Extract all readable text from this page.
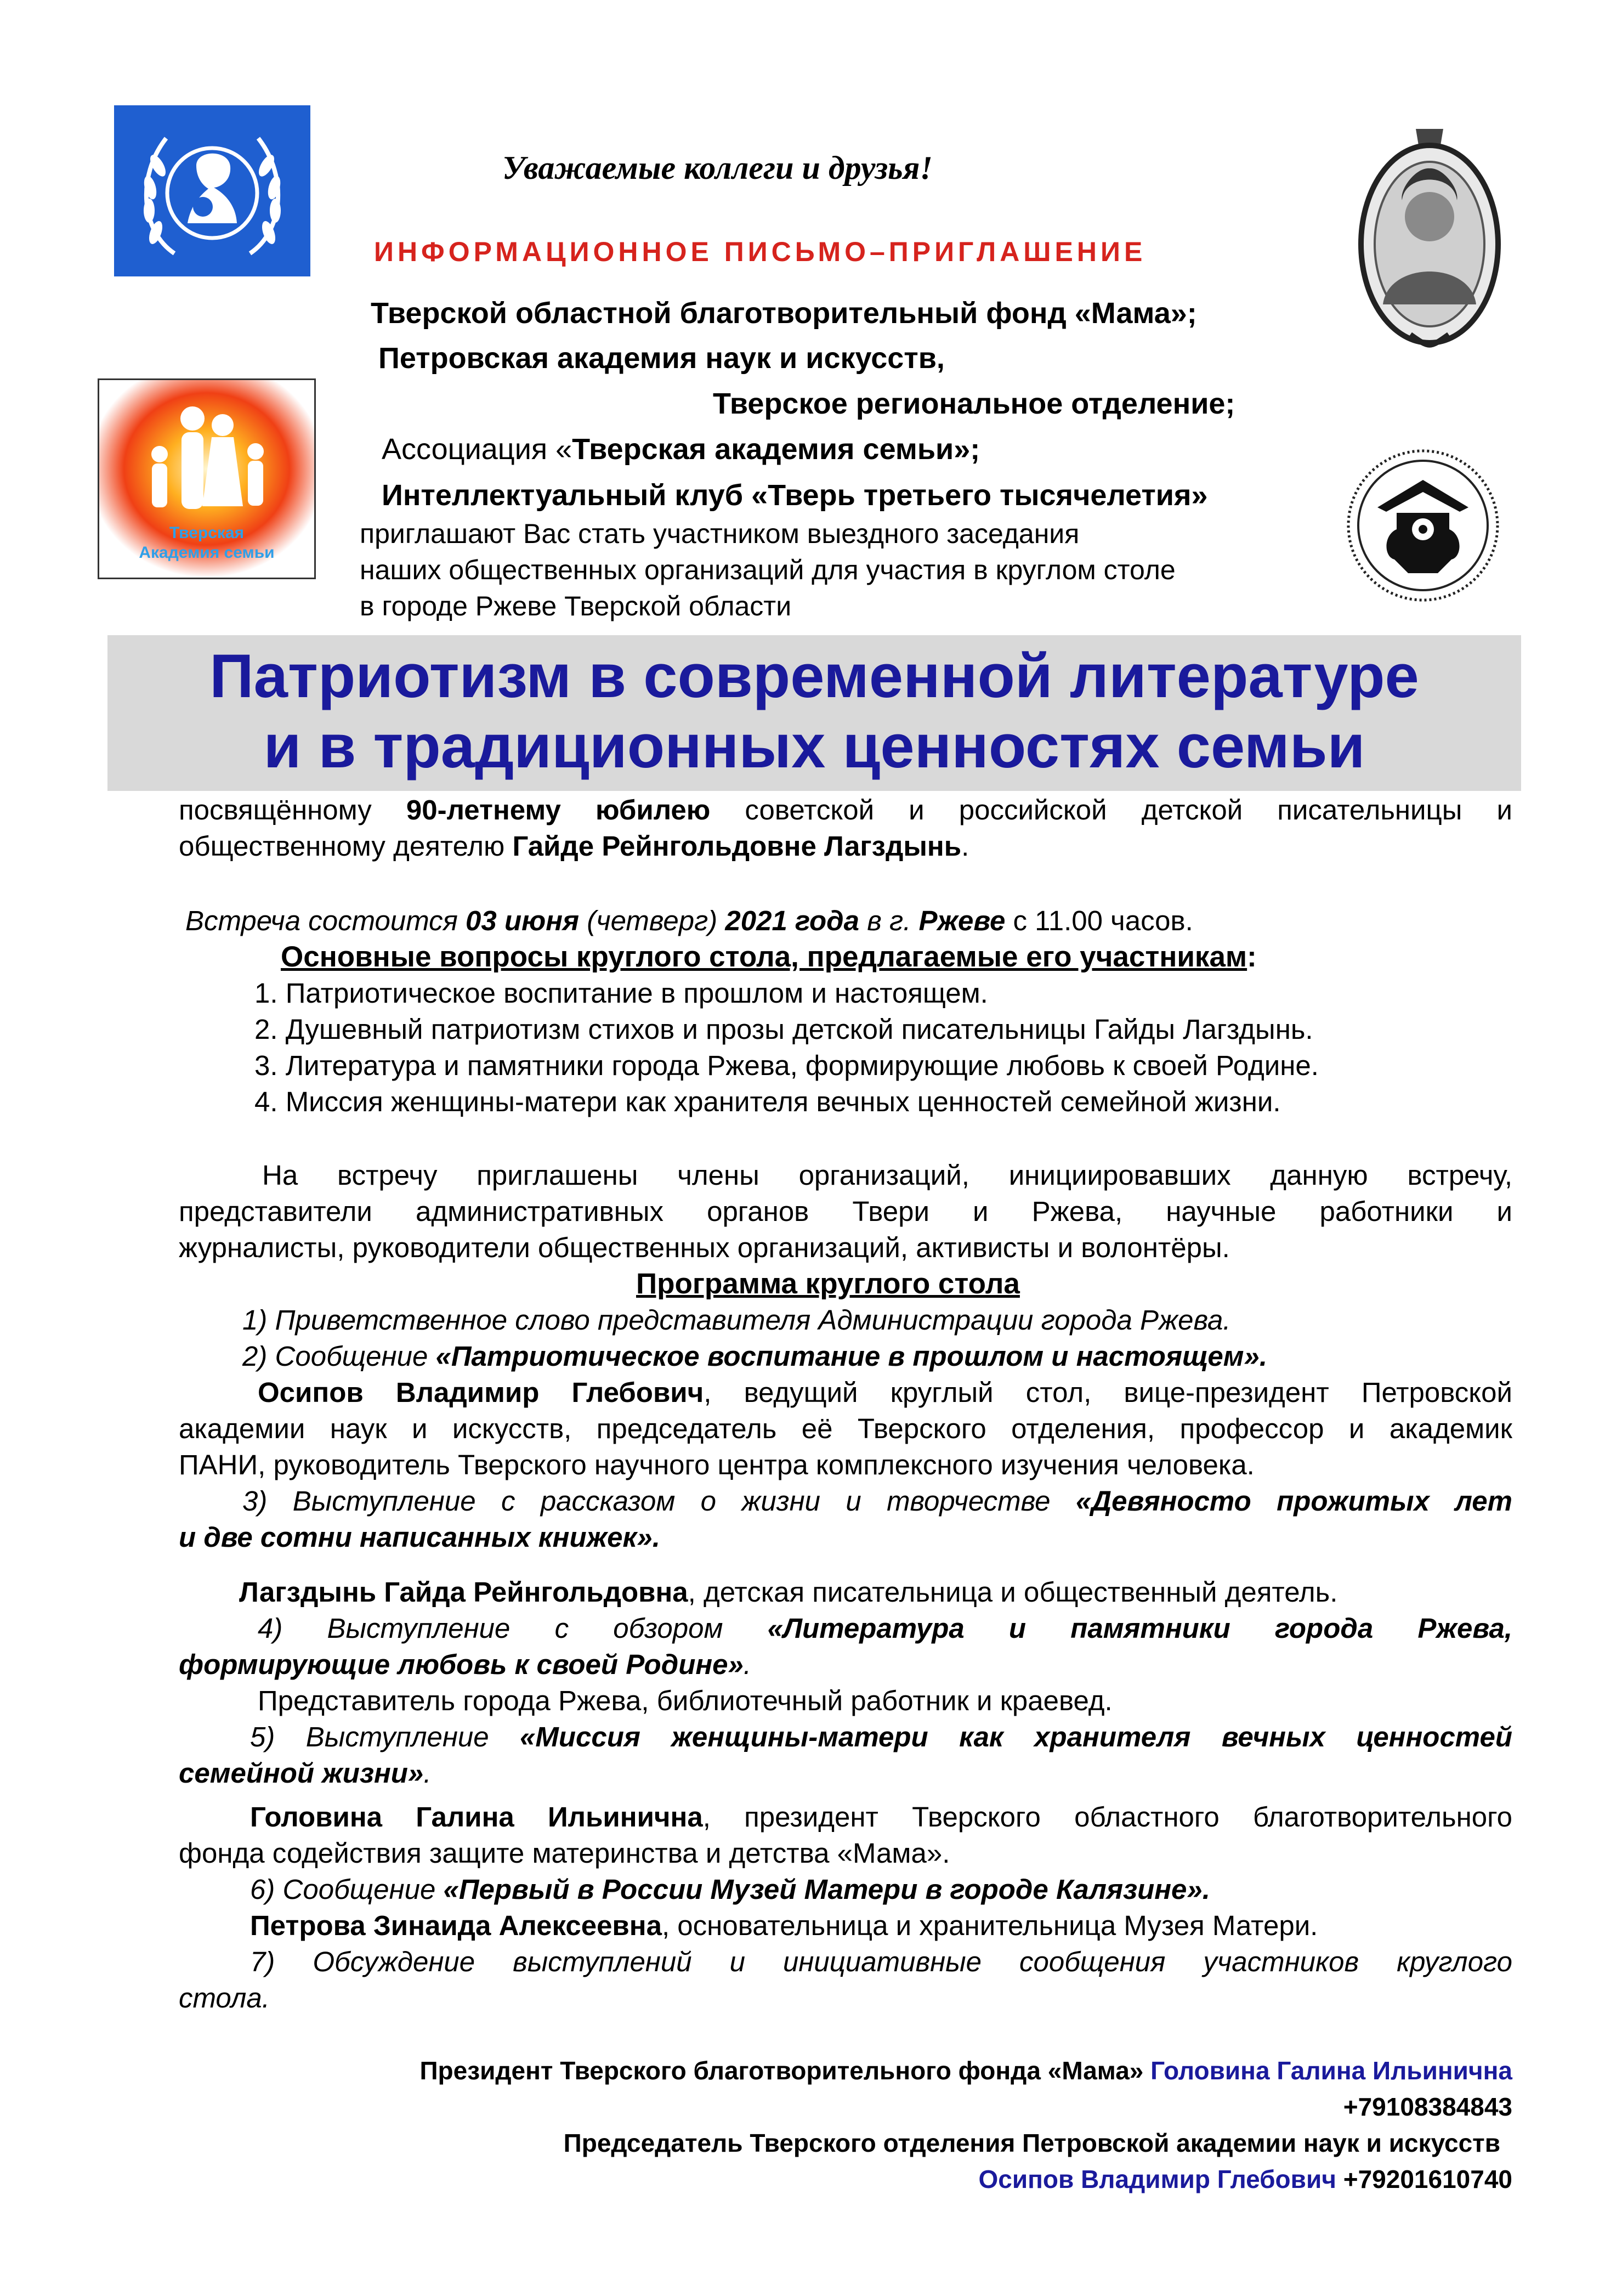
Тверская
Академия семьи
Уважаемые коллеги и друзья!
ИНФОРМАЦИОННОЕ ПИСЬМО–ПРИГЛАШЕНИЕ
Тверской областной благотворительный фонд «Мама»;
Петровская академия наук и искусств,
Тверское региональное отделение;
Ассоциация «Тверская академия семьи»;
Интеллектуальный клуб «Тверь третьего тысячелетия»
приглашают Вас стать участником выездного заседания
наших общественных организаций для участия в круглом столе
в городе Ржеве Тверской области
Патриотизм в современной литературе
и в традиционных ценностях семьи
посвящённому 90-летнему юбилею советской и российской детской писательницы и
общественному деятелю Гайде Рейнгольдовне Лагздынь.
Встреча состоится 03 июня (четверг) 2021 года в г. Ржеве с 11.00 часов.
Основные вопросы круглого стола, предлагаемые его участникам:
1. Патриотическое воспитание в прошлом и настоящем.
2. Душевный патриотизм стихов и прозы детской писательницы Гайды Лагздынь.
3. Литература и памятники города Ржева, формирующие любовь к своей Родине.
4. Миссия женщины-матери как хранителя вечных ценностей семейной жизни.
На встречу приглашены члены организаций, инициировавших данную встречу,
представители административных органов Твери и Ржева, научные работники и
журналисты, руководители общественных организаций, активисты и волонтёры.
Программа круглого стола
1) Приветственное слово представителя Администрации города Ржева.
2) Сообщение «Патриотическое воспитание в прошлом и настоящем».
Осипов Владимир Глебович, ведущий круглый стол, вице-президент Петровской
академии наук и искусств, председатель её Тверского отделения, профессор и академик
ПАНИ, руководитель Тверского научного центра комплексного изучения человека.
3) Выступление с рассказом о жизни и творчестве «Девяносто прожитых лет
и две сотни написанных книжек».
Лагздынь Гайда Рейнгольдовна, детская писательница и общественный деятель.
4) Выступление с обзором «Литература и памятники города Ржева,
формирующие любовь к своей Родине».
Представитель города Ржева, библиотечный работник и краевед.
5) Выступление «Миссия женщины-матери как хранителя вечных ценностей
семейной жизни».
Головина Галина Ильинична, президент Тверского областного благотворительного
фонда содействия защите материнства и детства «Мама».
6) Сообщение «Первый в России Музей Матери в городе Калязине».
Петрова Зинаида Алексеевна, основательница и хранительница Музея Матери.
7) Обсуждение выступлений и инициативные сообщения участников круглого
стола.
Президент Тверского благотворительного фонда «Мама» Головина Галина Ильинична
+79108384843
Председатель Тверского отделения Петровской академии наук и искусств
Осипов Владимир Глебович +79201610740
